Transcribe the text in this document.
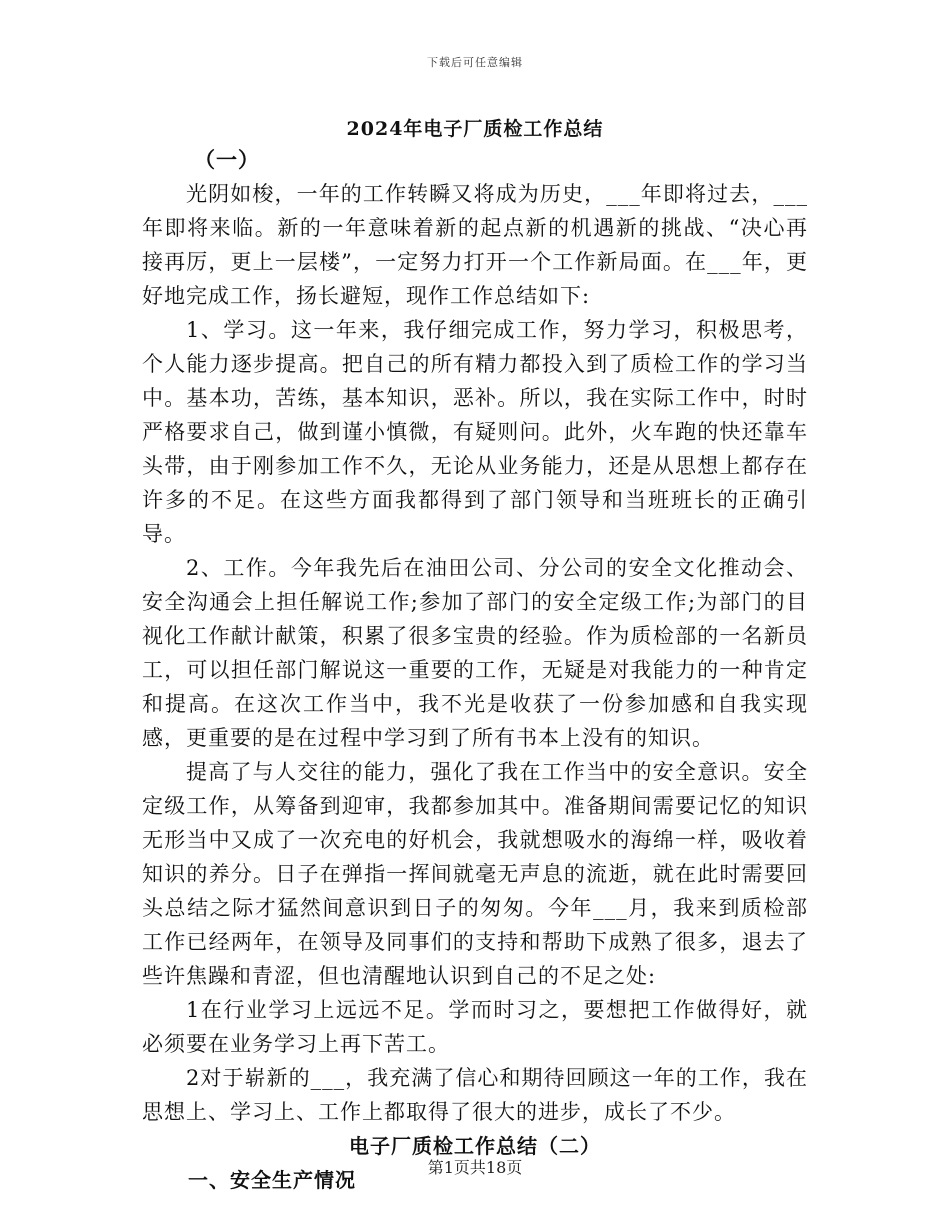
下载后可任意编辑
2024年电子厂质检工作总结

（一）

光阴如梭，一年的工作转瞬又将成为历史，___年即将过去，___年即将来临。新的一年意味着新的起点新的机遇新的挑战、“决心再接再厉，更上一层楼”，一定努力打开一个工作新局面。在___年，更好地完成工作，扬长避短，现作工作总结如下:

1、学习。这一年来，我仔细完成工作，努力学习，积极思考，个人能力逐步提高。把自己的所有精力都投入到了质检工作的学习当中。基本功，苦练，基本知识，恶补。所以，我在实际工作中，时时严格要求自己，做到谨小慎微，有疑则问。此外，火车跑的快还靠车头带，由于刚参加工作不久，无论从业务能力，还是从思想上都存在许多的不足。在这些方面我都得到了部门领导和当班班长的正确引导。

2、工作。今年我先后在油田公司、分公司的安全文化推动会、安全沟通会上担任解说工作;参加了部门的安全定级工作;为部门的目视化工作献计献策，积累了很多宝贵的经验。作为质检部的一名新员工，可以担任部门解说这一重要的工作，无疑是对我能力的一种肯定和提高。在这次工作当中，我不光是收获了一份参加感和自我实现感，更重要的是在过程中学习到了所有书本上没有的知识。

提高了与人交往的能力，强化了我在工作当中的安全意识。安全定级工作，从筹备到迎审，我都参加其中。准备期间需要记忆的知识无形当中又成了一次充电的好机会，我就想吸水的海绵一样，吸收着知识的养分。日子在弹指一挥间就毫无声息的流逝，就在此时需要回头总结之际才猛然间意识到日子的匆匆。今年___月，我来到质检部工作已经两年，在领导及同事们的支持和帮助下成熟了很多，退去了些许焦躁和青涩，但也清醒地认识到自己的不足之处:

1在行业学习上远远不足。学而时习之，要想把工作做得好，就必须要在业务学习上再下苦工。

2对于崭新的___，我充满了信心和期待回顾这一年的工作，我在思想上、学习上、工作上都取得了很大的进步，成长了不少。

电子厂质检工作总结（二）

一、安全生产情况

第1页共18页
